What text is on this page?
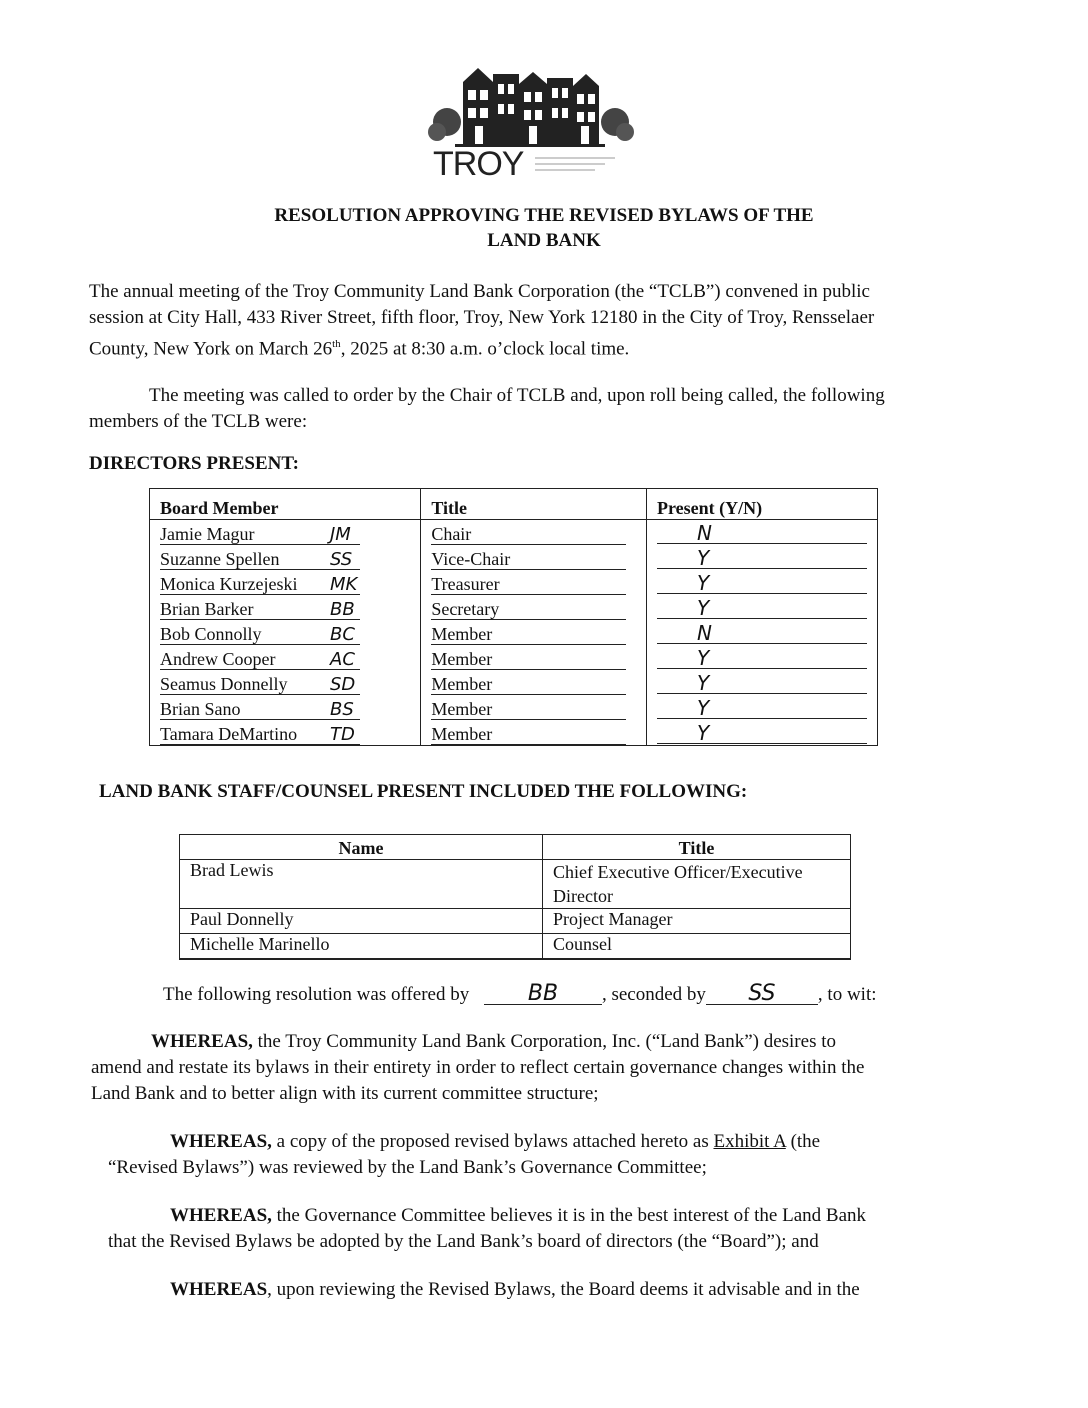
TROY
RESOLUTION APPROVING THE REVISED BYLAWS OF THE
LAND BANK
The annual meeting of the Troy Community Land Bank Corporation (the “TCLB”) convened in public
session at City Hall, 433 River Street, fifth floor, Troy, New York 12180 in the City of Troy, Rensselaer
County, New York on March 26th, 2025 at 8:30 a.m. o’clock local time.
The meeting was called to order by the Chair of TCLB and, upon roll being called, the following
members of the TCLB were:
DIRECTORS PRESENT:
Board Member	Title	Present (Y/N)
Jamie Magur JM	Chair	N
Suzanne Spellen SS	Vice-Chair	Y
Monica Kurzejeski MK	Treasurer	Y
Brian Barker BB	Secretary	Y
Bob Connolly BC	Member	N
Andrew Cooper AC	Member	Y
Seamus Donnelly SD	Member	Y
Brian Sano BS	Member	Y
Tamara DeMartino TD	Member	Y
LAND BANK STAFF/COUNSEL PRESENT INCLUDED THE FOLLOWING:
Name	Title
Brad Lewis	Chief Executive Officer/Executive
Director

Paul Donnelly	Project Manager
Michelle Marinello	Counsel
The following resolution was offered by	BB , seconded by SS , to wit:
WHEREAS, the Troy Community Land Bank Corporation, Inc. (“Land Bank”) desires to
amend and restate its bylaws in their entirety in order to reflect certain governance changes within the
Land Bank and to better align with its current committee structure;
WHEREAS, a copy of the proposed revised bylaws attached hereto as Exhibit A (the
“Revised Bylaws”) was reviewed by the Land Bank’s Governance Committee;
WHEREAS, the Governance Committee believes it is in the best interest of the Land Bank
that the Revised Bylaws be adopted by the Land Bank’s board of directors (the “Board”); and
WHEREAS, upon reviewing the Revised Bylaws, the Board deems it advisable and in the
